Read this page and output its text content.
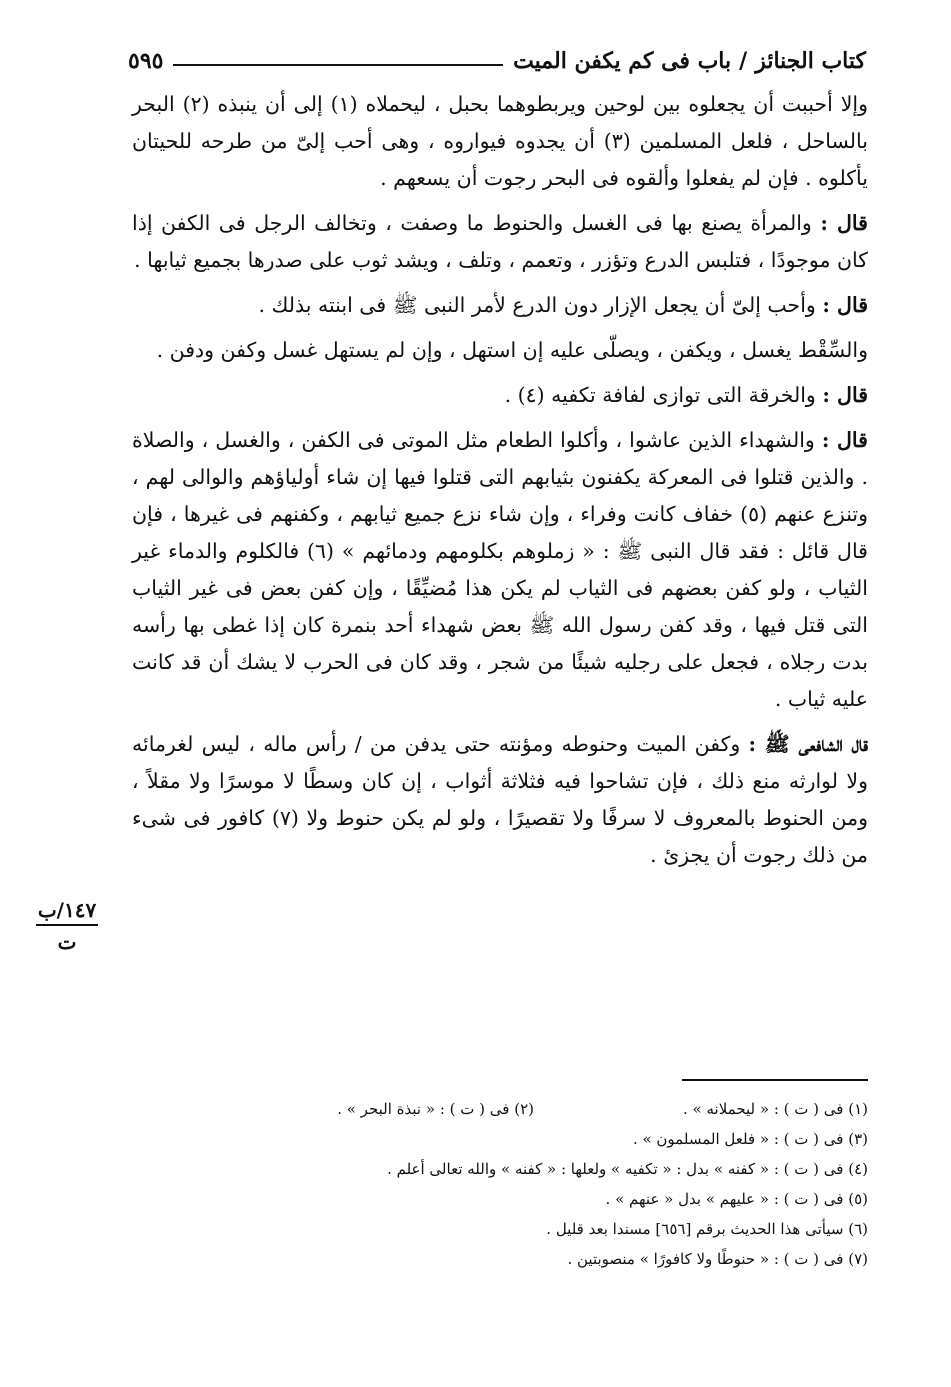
كتاب الجنائز
/
باب فى كم يكفن الميت
٥٩٥

وإلا أحببت أن يجعلوه بين لوحين ويربطوهما بحبل ، ليحملاه (١) إلى أن ينبذه (٢) البحر بالساحل ، فلعل المسلمين (٣) أن يجدوه فيواروه ، وهى أحب إلىّ من طرحه للحيتان يأكلوه . فإن لم يفعلوا وألقوه فى البحر رجوت أن يسعهم .

قال : والمرأة يصنع بها فى الغسل والحنوط ما وصفت ، وتخالف الرجل فى الكفن إذا كان موجودًا ، فتلبس الدرع وتؤزر ، وتعمم ، وتلف ، ويشد ثوب على صدرها بجميع ثيابها .

قال : وأحب إلىّ أن يجعل الإزار دون الدرع لأمر النبى ﷺ فى ابنته بذلك .

والسِّقْط يغسل ، ويكفن ، ويصلّى عليه إن استهل ، وإن لم يستهل غسل وكفن ودفن .

قال : والخرقة التى توازى لفافة تكفيه (٤) .

قال : والشهداء الذين عاشوا ، وأكلوا الطعام مثل الموتى فى الكفن ، والغسل ، والصلاة . والذين قتلوا فى المعركة يكفنون بثيابهم التى قتلوا فيها إن شاء أولياؤهم والوالى لهم ، وتنزع عنهم (٥) خفاف كانت وفراء ، وإن شاء نزع جميع ثيابهم ، وكفنهم فى غيرها ، فإن قال قائل : فقد قال النبى ﷺ : « زملوهم بكلومهم ودمائهم » (٦) فالكلوم والدماء غير الثياب ، ولو كفن بعضهم فى الثياب لم يكن هذا مُضيِّقًا ، وإن كفن بعض فى غير الثياب التى قتل فيها ، وقد كفن رسول الله ﷺ بعض شهداء أحد بنمرة كان إذا غطى بها رأسه بدت رجلاه ، فجعل على رجليه شيئًا من شجر ، وقد كان فى الحرب لا يشك أن قد كانت عليه ثياب .

قال الشافعى ﷺ : وكفن الميت وحنوطه ومؤنته حتى يدفن من / رأس ماله ، ليس لغرمائه ولا لوارثه منع ذلك ، فإن تشاحوا فيه فثلاثة أثواب ، إن كان وسطًا لا موسرًا ولا مقلاً ، ومن الحنوط بالمعروف لا سرفًا ولا تقصيرًا ، ولو لم يكن حنوط ولا (٧) كافور فى شىء من ذلك رجوت أن يجزئ .

١٤٧/ب
ت
(١) فى ( ت ) : « ليحملانه » .
(٢) فى ( ت ) : « نبذة البحر » .
(٣) فى ( ت ) : « فلعل المسلمون » .
(٤) فى ( ت ) : « كفنه » بدل : « تكفيه » ولعلها : « كفنه » والله تعالى أعلم .
(٥) فى ( ت ) : « عليهم » بدل « عنهم » .
(٦) سيأتى هذا الحديث برقم [٦٥٦] مسندا بعد قليل .
(٧) فى ( ت ) : « حنوطًا ولا كافورًا » منصوبتين .
